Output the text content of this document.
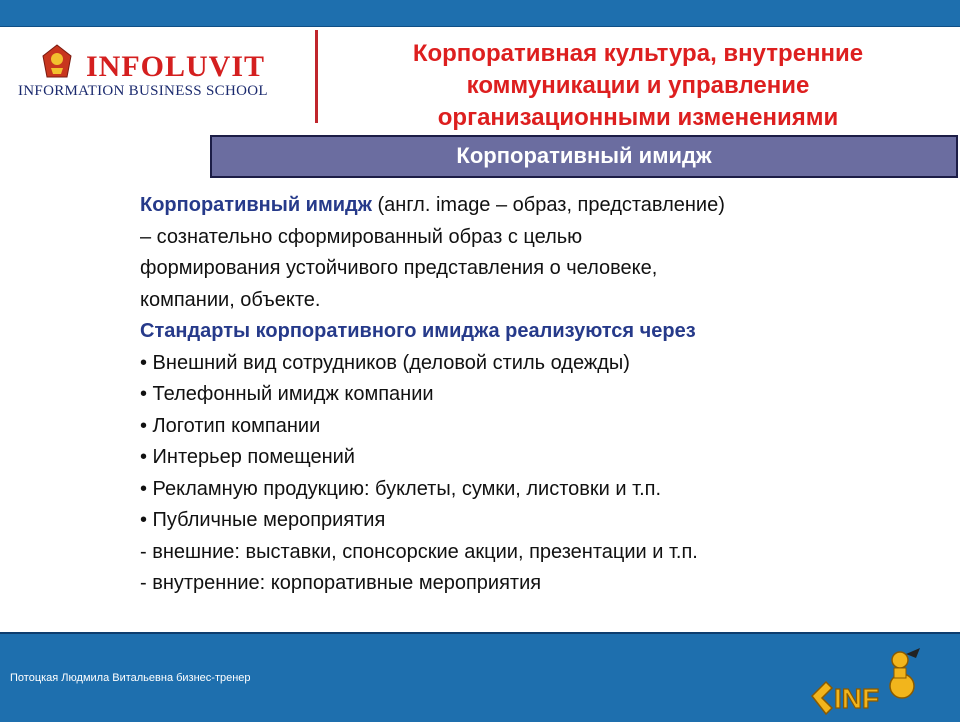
INFOLUVIT
INFORMATION BUSINESS SCHOOL
Корпоративная культура, внутренние
коммуникации и управление
организационными изменениями
Корпоративный имидж
Корпоративный имидж (англ. image – образ, представление)
– сознательно сформированный образ с целью
формирования устойчивого представления о человеке,
компании, объекте.
Стандарты корпоративного имиджа реализуются через
• Внешний вид сотрудников (деловой стиль одежды)
• Телефонный имидж компании
• Логотип компании
• Интерьер помещений
• Рекламную продукцию: буклеты, сумки, листовки и т.п.
• Публичные мероприятия
- внешние: выставки, спонсорские акции, презентации и т.п.
- внутренние: корпоративные мероприятия
Потоцкая Людмила Витальевна бизнес-тренер
INF
